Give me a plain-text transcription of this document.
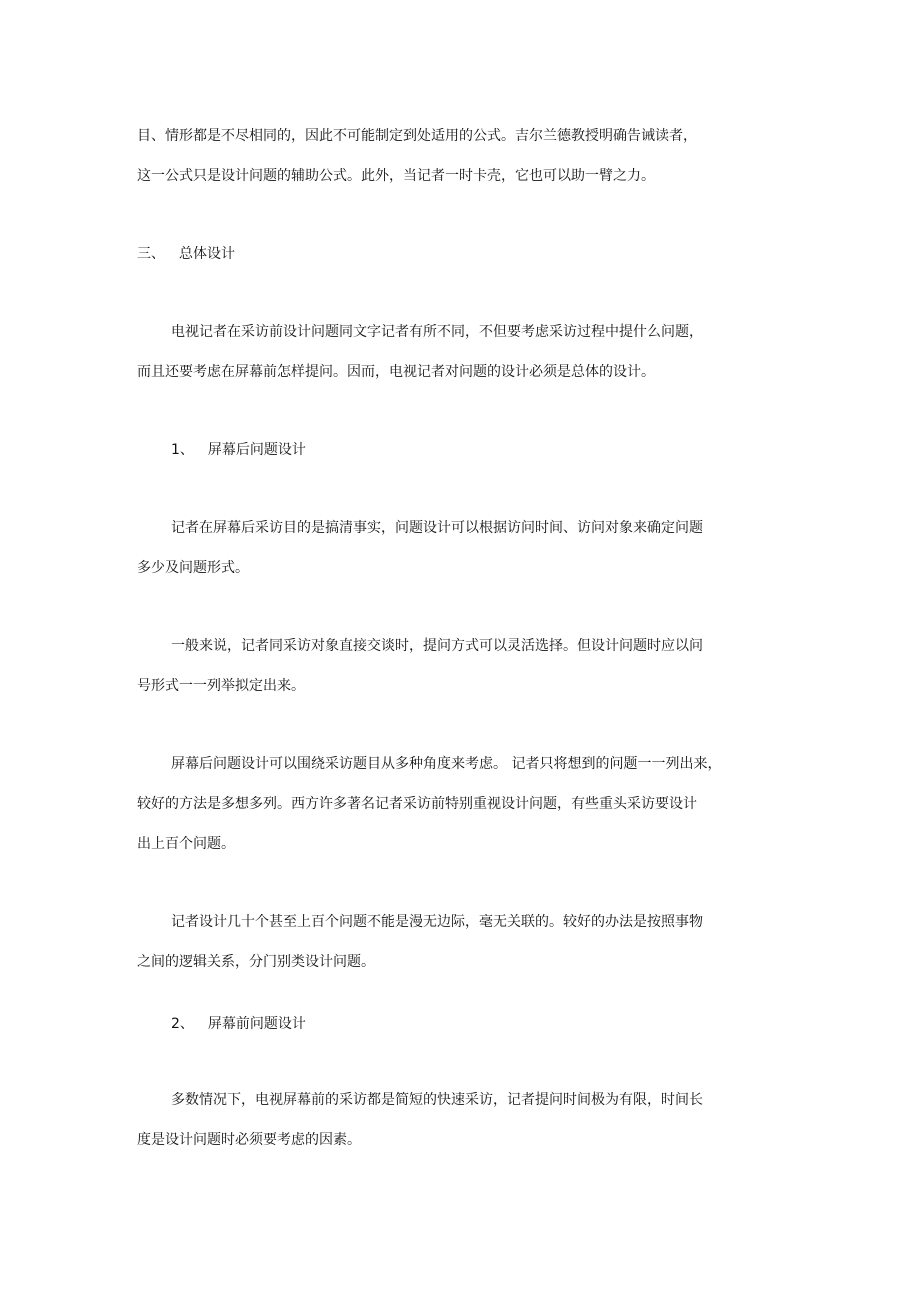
目、情形都是不尽相同的，因此不可能制定到处适用的公式。吉尔兰德教授明确告诫读者，

这一公式只是设计问题的辅助公式。此外，当记者一时卡壳，它也可以助一臂之力。

三、 总体设计

电视记者在采访前设计问题同文字记者有所不同，不但要考虑采访过程中提什么问题，

而且还要考虑在屏幕前怎样提问。因而，电视记者对问题的设计必须是总体的设计。

1、 屏幕后问题设计

记者在屏幕后采访目的是搞清事实，问题设计可以根据访问时间、访问对象来确定问题

多少及问题形式。

一般来说，记者同采访对象直接交谈时，提问方式可以灵活选择。但设计问题时应以问

号形式一一列举拟定出来。

屏幕后问题设计可以围绕采访题目从多种角度来考虑。 记者只将想到的问题一一列出来，

较好的方法是多想多列。西方许多著名记者采访前特别重视设计问题，有些重头采访要设计

出上百个问题。

记者设计几十个甚至上百个问题不能是漫无边际，毫无关联的。较好的办法是按照事物

之间的逻辑关系，分门别类设计问题。

2、 屏幕前问题设计

多数情况下，电视屏幕前的采访都是简短的快速采访，记者提问时间极为有限，时间长

度是设计问题时必须要考虑的因素。
